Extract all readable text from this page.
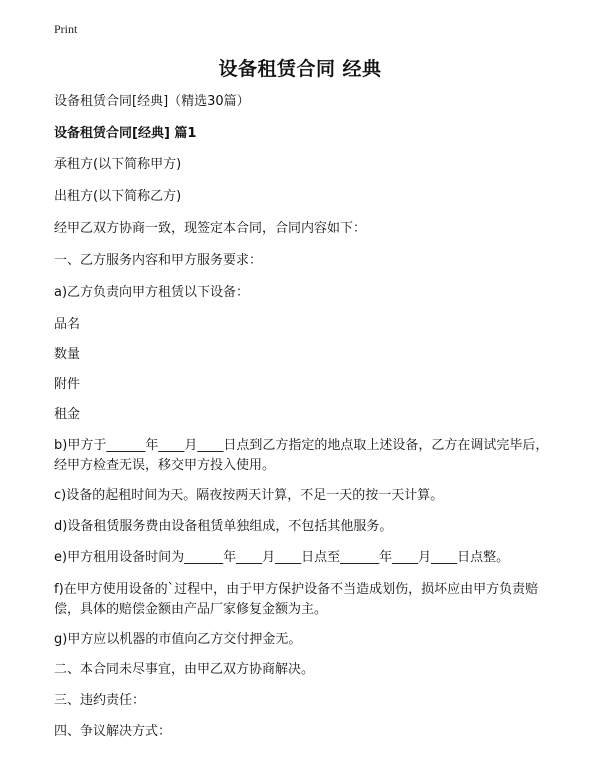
Print
设备租赁合同 经典
设备租赁合同[经典]（精选30篇）
设备租赁合同[经典] 篇1
承租方(以下简称甲方)
出租方(以下简称乙方)
经甲乙双方协商一致，现签定本合同，合同内容如下：
一、乙方服务内容和甲方服务要求：
a)乙方负责向甲方租赁以下设备：
品名
数量
附件
租金
b)甲方于______年____月____日点到乙方指定的地点取上述设备，乙方在调试完毕后，经甲方检查无误，移交甲方投入使用。
c)设备的起租时间为天。隔夜按两天计算，不足一天的按一天计算。
d)设备租赁服务费由设备租赁单独组成，不包括其他服务。
e)甲方租用设备时间为______年____月____日点至______年____月____日点整。
f)在甲方使用设备的`过程中，由于甲方保护设备不当造成划伤，损坏应由甲方负责赔偿，具体的赔偿金额由产品厂家修复金额为主。
g)甲方应以机器的市值向乙方交付押金无。
二、本合同未尽事宜，由甲乙双方协商解决。
三、违约责任：
四、争议解决方式：
